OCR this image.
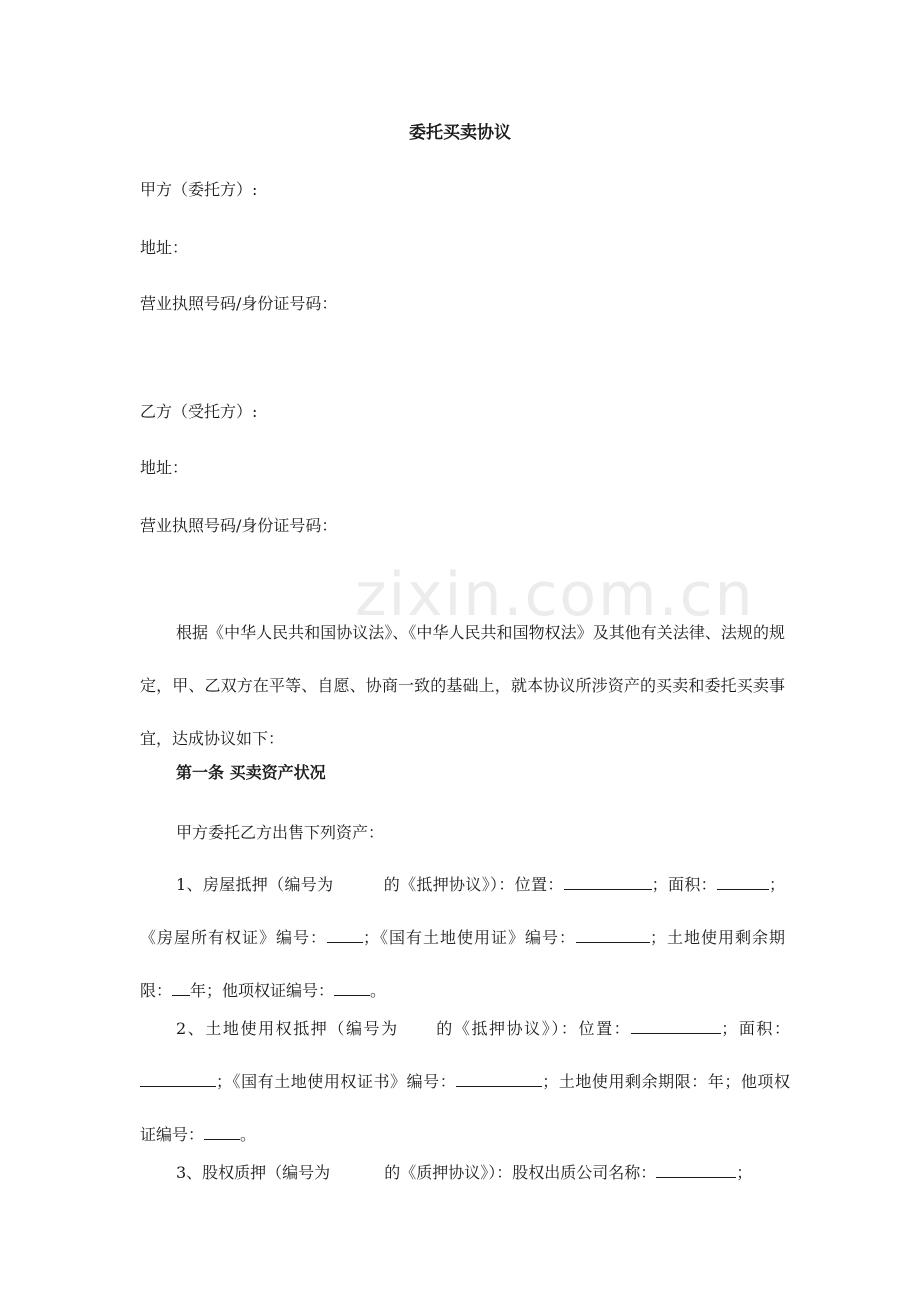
zixin.com.cn
委托买卖协议
甲方（委托方）:
地址：
营业执照号码/身份证号码：
乙方（受托方）:
地址：
营业执照号码/身份证号码：
根据《中华人民共和国协议法》、《中华人民共和国物权法》及其他有关法律、法规的规定，甲、乙双方在平等、自愿、协商一致的基础上，就本协议所涉资产的买卖和委托买卖事宜，达成协议如下：
第一条 买卖资产状况
甲方委托乙方出售下列资产：
1、房屋抵押（编号为	的《抵押协议》）：位置：	；面积：	；《房屋所有权证》编号： ；《国有土地使用证》编号：	；土地使用剩余期限： 年；他项权证编号： 。
2、土地使用权抵押（编号为 的《抵押协议》）：位置：	；面积：；《国有土地使用权证书》编号：	；土地使用剩余期限：年；他项权证编号： 。
3、股权质押（编号为	的《质押协议》）：股权出质公司名称：	；
